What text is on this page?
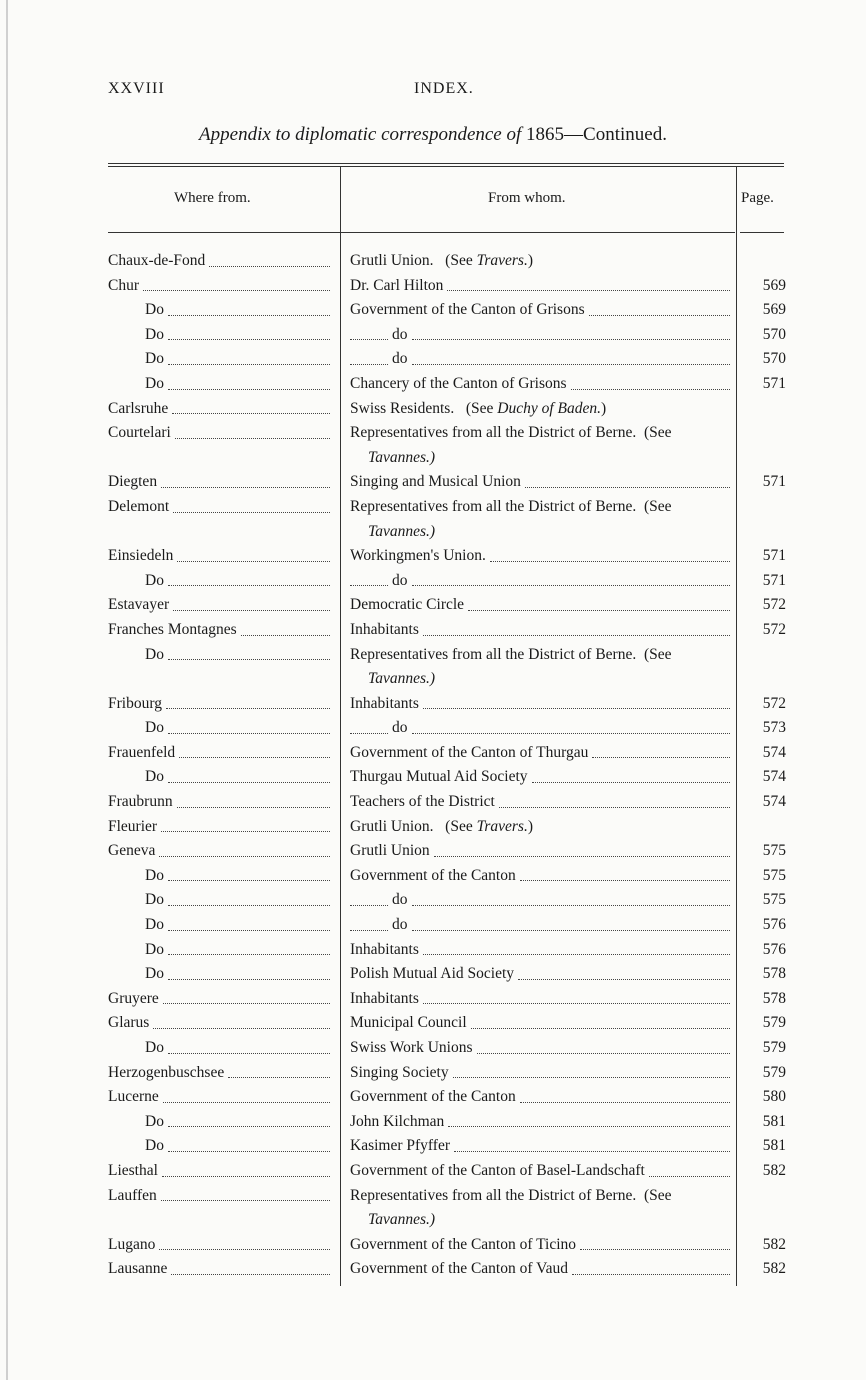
XXVIII	INDEX.
Appendix to diplomatic correspondence of 1865—Continued.
Where from.	From whom.	Page.
Chaux-de-Fond	Grutli Union. (See Travers.)
Chur	Dr. Carl Hilton	569
Do	Government of the Canton of Grisons	569
Do	do	570
Do	do	570
Do	Chancery of the Canton of Grisons	571
Carlsruhe	Swiss Residents. (See Duchy of Baden.)
Courtelari	Representatives from all the District of Berne. (See
Tavannes.)
Diegten	Singing and Musical Union	571
Delemont	Representatives from all the District of Berne. (See
Tavannes.)
Einsiedeln	Workingmen's Union.	571
Do	do	571
Estavayer	Democratic Circle	572
Franches Montagnes	Inhabitants	572
Do	Representatives from all the District of Berne. (See
Tavannes.)
Fribourg	Inhabitants	572
Do	do	573
Frauenfeld	Government of the Canton of Thurgau	574
Do	Thurgau Mutual Aid Society	574
Fraubrunn	Teachers of the District	574
Fleurier	Grutli Union. (See Travers.)
Geneva	Grutli Union	575
Do	Government of the Canton	575
Do	do	575
Do	do	576
Do	Inhabitants	576
Do	Polish Mutual Aid Society	578
Gruyere	Inhabitants	578
Glarus	Municipal Council	579
Do	Swiss Work Unions	579
Herzogenbuschsee	Singing Society	579
Lucerne	Government of the Canton	580
Do	John Kilchman	581
Do	Kasimer Pfyffer	581
Liesthal	Government of the Canton of Basel-Landschaft	582
Lauffen	Representatives from all the District of Berne. (See
Tavannes.)
Lugano	Government of the Canton of Ticino	582
Lausanne	Government of the Canton of Vaud	582
